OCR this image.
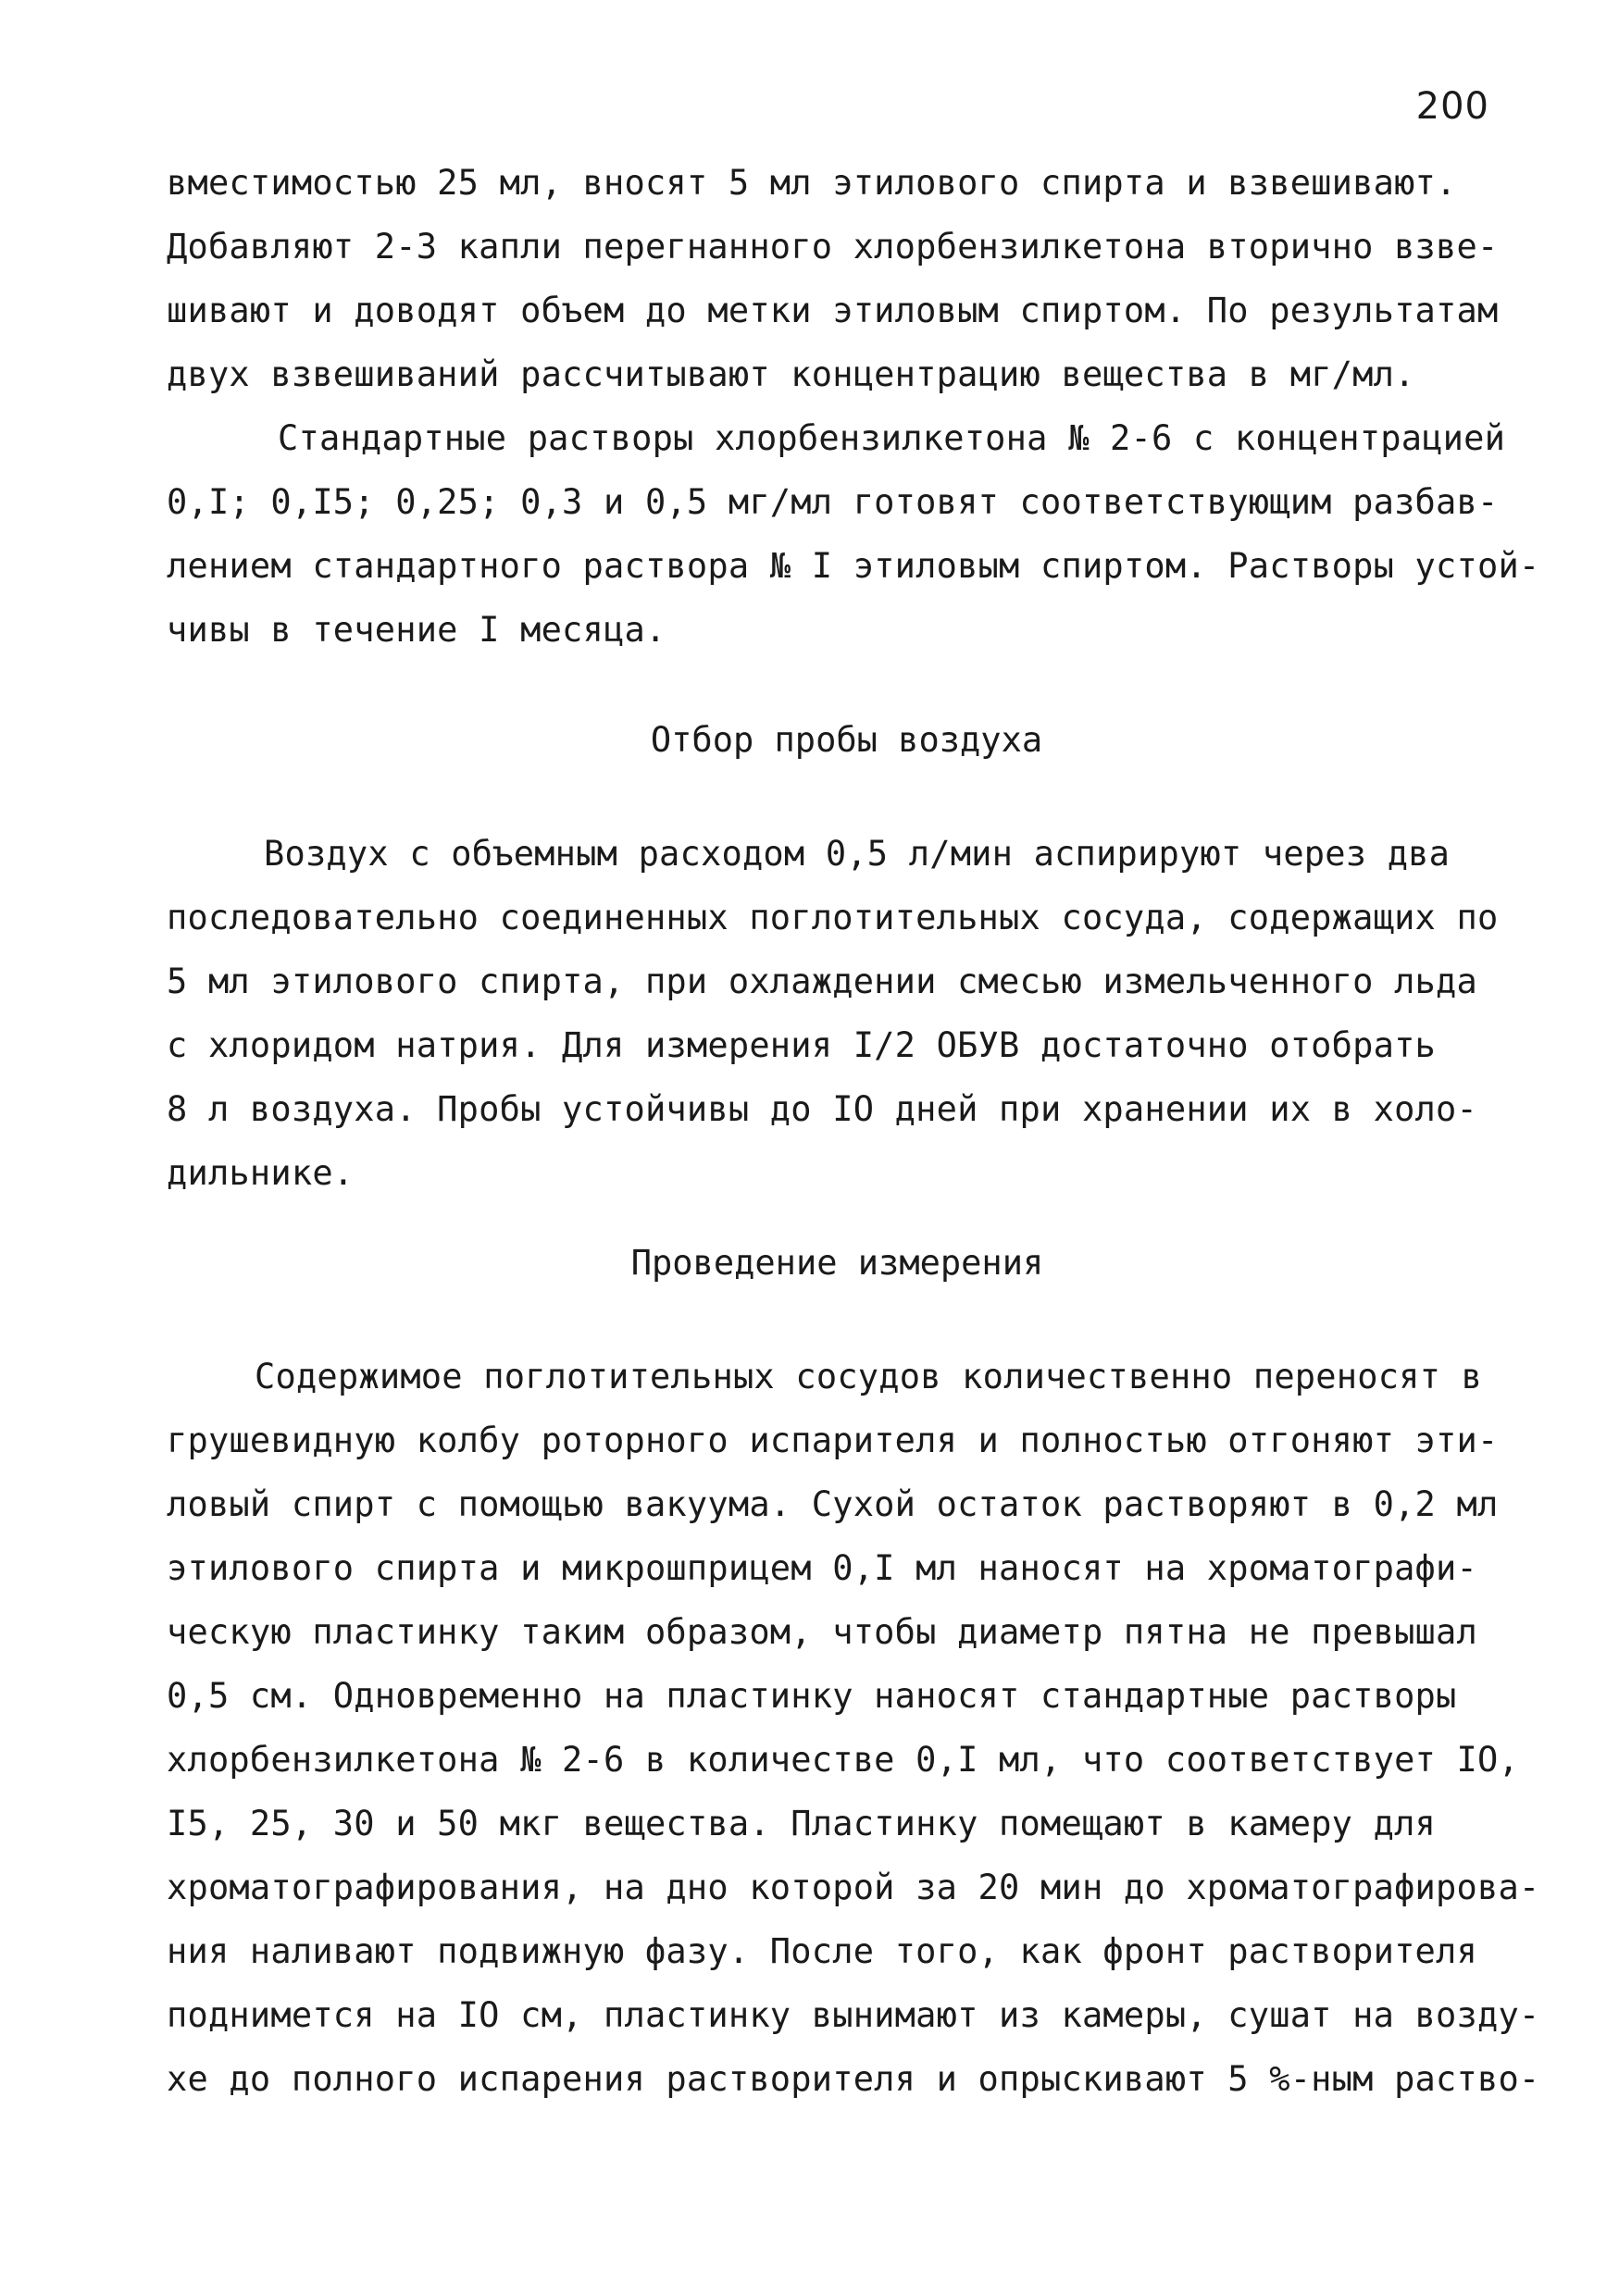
200
вместимостью 25 мл, вносят 5 мл этилового спирта и взвешивают.
Добавляют 2-3 капли перегнанного хлорбензилкетона вторично взве-
шивают и доводят объем до метки этиловым спиртом. По результатам
двух взвешиваний рассчитывают концентрацию вещества в мг/мл.
Стандартные растворы хлорбензилкетона № 2-6 с концентрацией
0,I; 0,I5; 0,25; 0,3 и 0,5 мг/мл готовят соответствующим разбав-
лением стандартного раствора № I этиловым спиртом. Растворы устой-
чивы в течение I месяца.
Отбор пробы воздуха
Воздух с объемным расходом 0,5 л/мин аспирируют через два
последовательно соединенных поглотительных сосуда, содержащих по
5 мл этилового спирта, при охлаждении смесью измельченного льда
с хлоридом натрия. Для измерения I/2 ОБУВ достаточно отобрать
8 л воздуха. Пробы устойчивы до IO дней при хранении их в холо-
дильнике.
Проведение измерения
Содержимое поглотительных сосудов количественно переносят в
грушевидную колбу роторного испарителя и полностью отгоняют эти-
ловый спирт с помощью вакуума. Сухой остаток растворяют в 0,2 мл
этилового спирта и микрошприцем 0,I мл наносят на хроматографи-
ческую пластинку таким образом, чтобы диаметр пятна не превышал
0,5 см. Одновременно на пластинку наносят стандартные растворы
хлорбензилкетона № 2-6 в количестве 0,I мл, что соответствует IO,
I5, 25, 30 и 50 мкг вещества. Пластинку помещают в камеру для
хроматографирования, на дно которой за 20 мин до хроматографирова-
ния наливают подвижную фазу. После того, как фронт растворителя
поднимется на IO см, пластинку вынимают из камеры, сушат на возду-
хе до полного испарения растворителя и опрыскивают 5 %-ным раство-
